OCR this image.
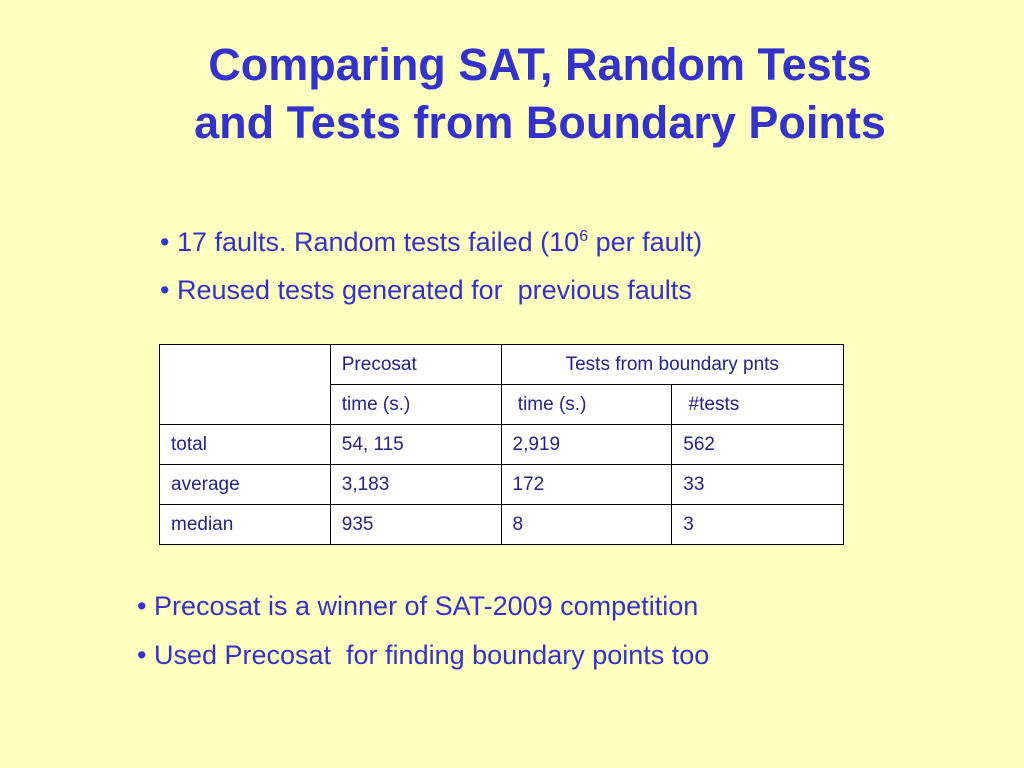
Comparing SAT, Random Tests
and Tests from Boundary Points
• 17 faults. Random tests failed ($10^6$ per fault)
• Reused tests generated for  previous faults
	Precosat	Tests from boundary pnts	
	time (s.)	time (s.)	#tests
total	54, 115	2,919	562
average	3,183	172	33
median	935	8	3
• Precosat is a winner of SAT-2009 competition
• Used Precosat  for finding boundary points too
